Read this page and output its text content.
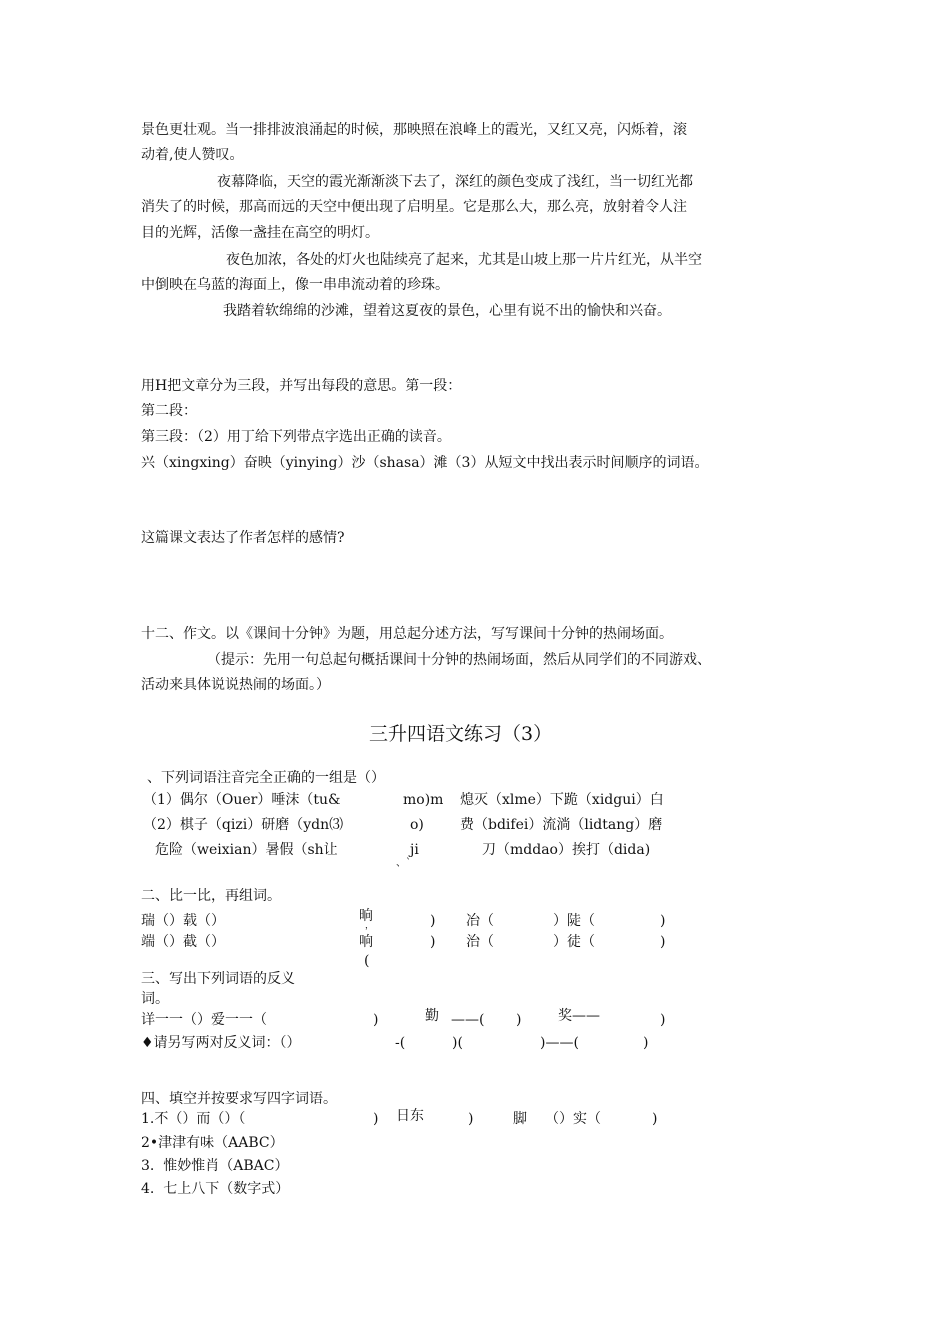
景色更壮观。当一排排波浪涌起的时候，那映照在浪峰上的霞光，又红又亮，闪烁着，滚
动着,使人赞叹。
夜幕降临，天空的霞光渐渐淡下去了，深红的颜色变成了浅红，当一切红光都
消失了的时候，那高而远的天空中便出现了启明星。它是那么大，那么亮，放射着令人注
目的光辉，活像一盏挂在高空的明灯。
夜色加浓，各处的灯火也陆续亮了起来，尤其是山坡上那一片片红光，从半空
中倒映在乌蓝的海面上，像一串串流动着的珍珠。
我踏着软绵绵的沙滩，望着这夏夜的景色，心里有说不出的愉快和兴奋。
用H把文章分为三段，并写出每段的意思。第一段：
第二段：
第三段：（2）用丁给下列带点字选出正确的读音。
兴（xingxing）奋映（yinying）沙（shasa）滩（3）从短文中找出表示时间顺序的词语。
这篇课文表达了作者怎样的感情?
十二、作文。以《课间十分钟》为题，用总起分述方法，写写课间十分钟的热闹场面。
（提示：先用一句总起句概括课间十分钟的热闹场面，然后从同学们的不同游戏、
活动来具体说说热闹的场面。）
三升四语文练习（3）
、下列词语注音完全正确的一组是（）
（1）偶尔（Ouer）唾沫（tu&	mo)m 熄灭（xlme）下跪（xidgui）白
（2）棋子（qizi）研磨（ydn⑶	o)	费（bdifei）流淌（lidtang）磨
危险（weixian）暑假（sh让	ji	刀（mddao）挨打（dida)
、`
二、比一比，再组词。
瑞（）载（）	晌	) 冶（	）陡（	)
，
端（）截（）	响	) 治（	）徒（	)
(
三、写出下列词语的反义
词。
详一一（）爱一一（	)	勤 ——( )	奖——	)
♦请另写两对反义词：（）	-(	)(	)——(	)
四、填空并按要求写四字词语。
1.不（）而（）（	) 日东	)	脚 （）实（	)
2•津津有味（AABC）
3.  惟妙惟肖（ABAC）
4.  七上八下（数字式）
